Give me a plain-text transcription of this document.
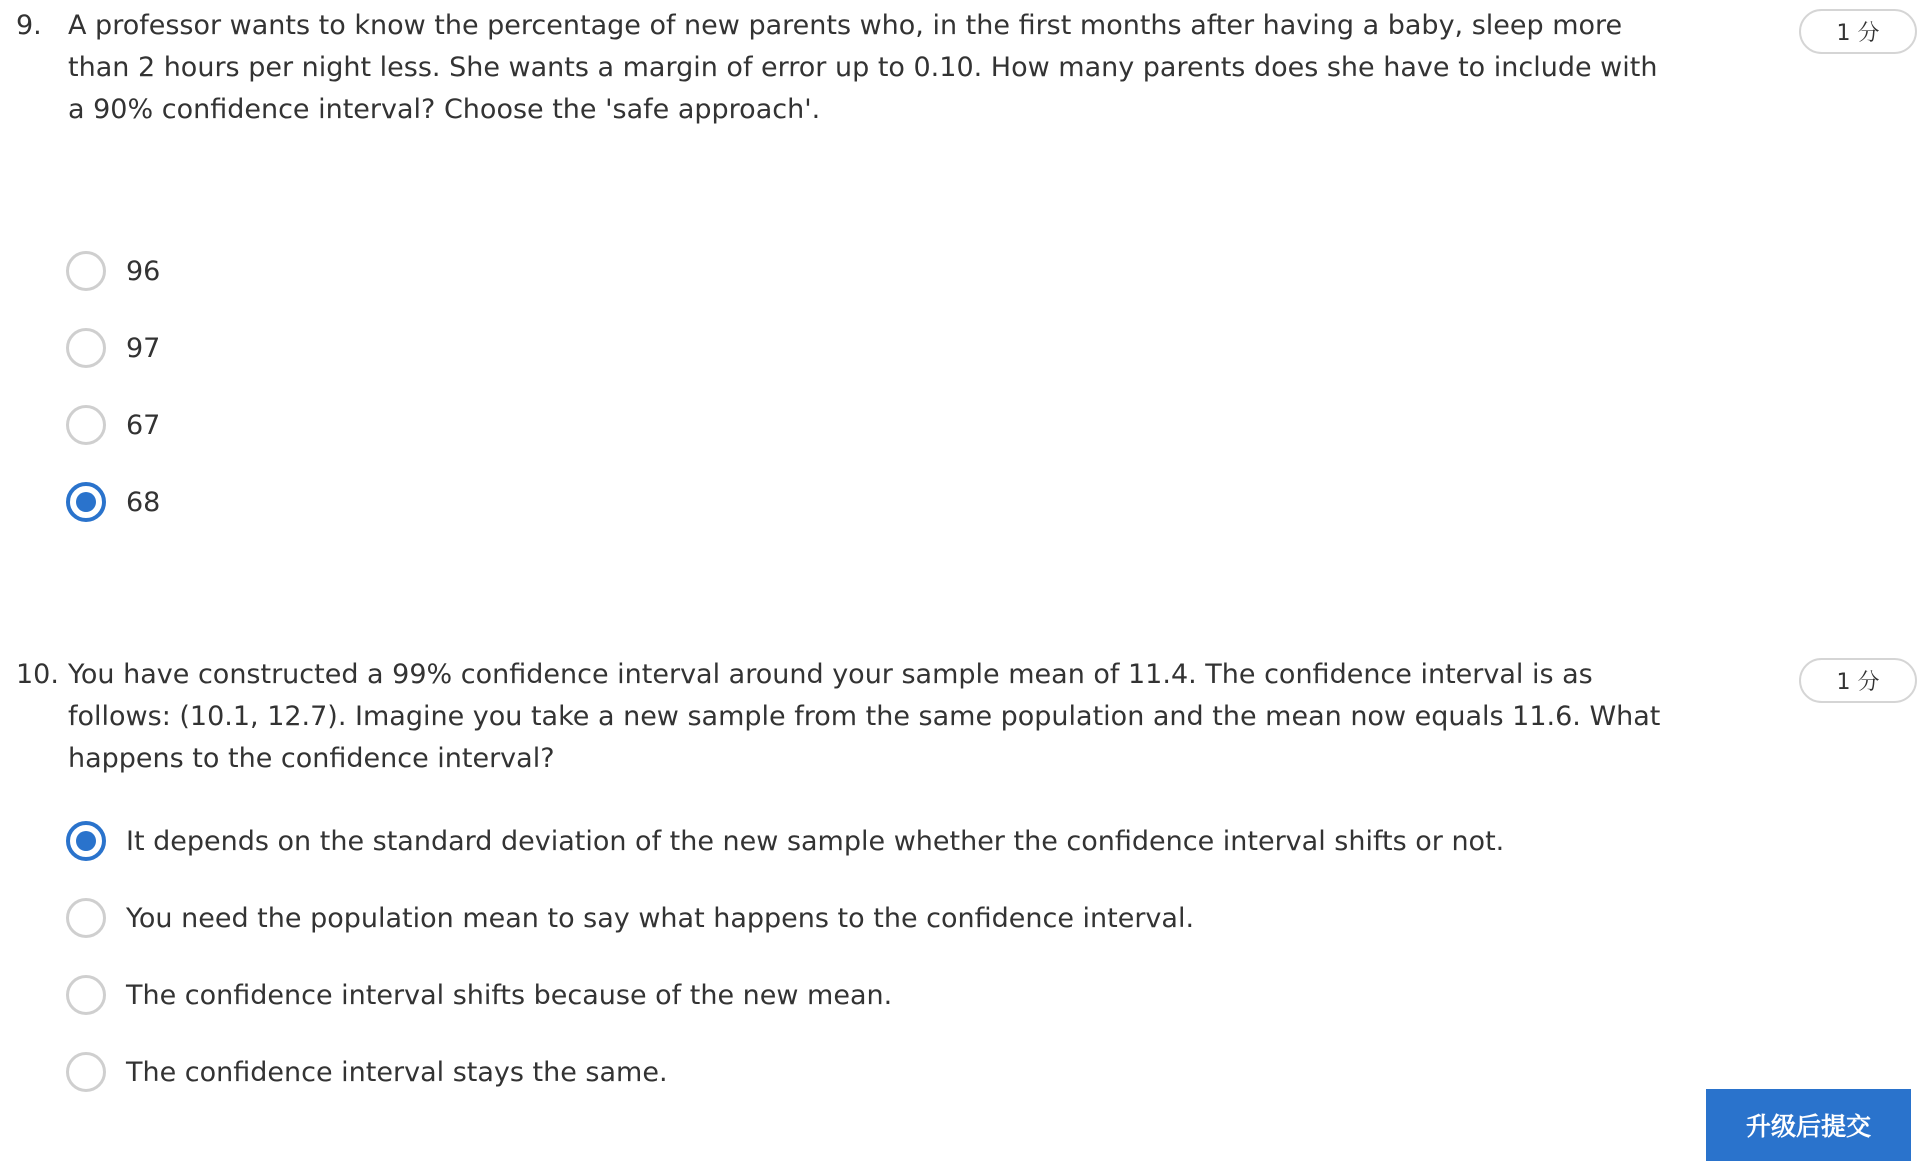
9. A professor wants to know the percentage of new parents who, in the first months after having a baby, sleep more than 2 hours per night less. She wants a margin of error up to 0.10. How many parents does she have to include with a 90% confidence interval? Choose the 'safe approach'.
1 分
96
97
67
68
10. You have constructed a 99% confidence interval around your sample mean of 11.4. The confidence interval is as follows: (10.1, 12.7). Imagine you take a new sample from the same population and the mean now equals 11.6. What happens to the confidence interval?
1 分
It depends on the standard deviation of the new sample whether the confidence interval shifts or not.
You need the population mean to say what happens to the confidence interval.
The confidence interval shifts because of the new mean.
The confidence interval stays the same.
升级后提交
